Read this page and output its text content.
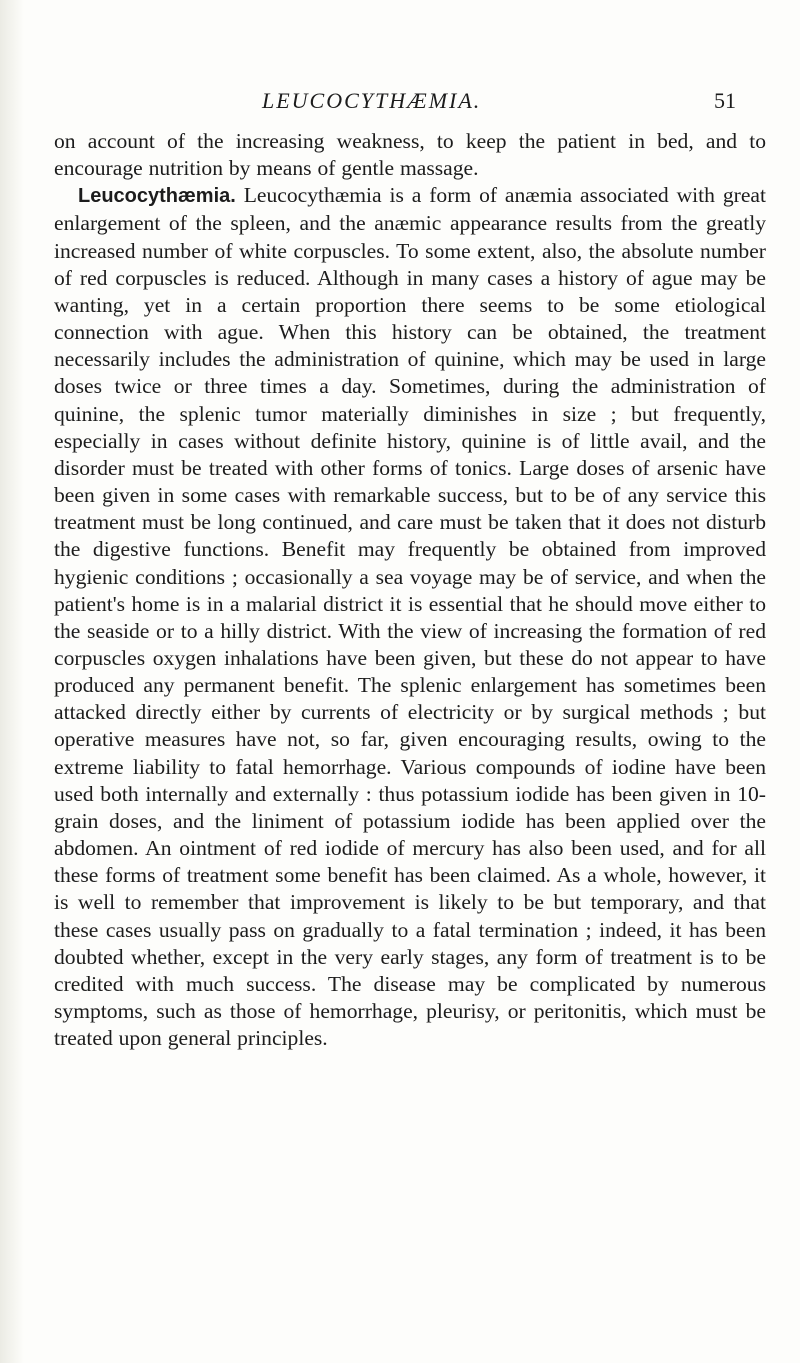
LEUCOCYTHÆMIA.	51

on account of the increasing weakness, to keep the patient in bed, and to encourage nutrition by means of gentle massage.

Leucocythæmia. Leucocythæmia is a form of anæmia associated with great enlargement of the spleen, and the anæmic appearance results from the greatly increased number of white corpuscles. To some extent, also, the absolute number of red corpuscles is reduced. Although in many cases a history of ague may be wanting, yet in a certain proportion there seems to be some etiological connection with ague. When this history can be obtained, the treatment necessarily includes the administration of quinine, which may be used in large doses twice or three times a day. Sometimes, during the administration of quinine, the splenic tumor materially diminishes in size ; but frequently, especially in cases without definite history, quinine is of little avail, and the disorder must be treated with other forms of tonics. Large doses of arsenic have been given in some cases with remarkable success, but to be of any service this treatment must be long continued, and care must be taken that it does not disturb the digestive functions. Benefit may frequently be obtained from improved hygienic conditions ; occasionally a sea voyage may be of service, and when the patient's home is in a malarial district it is essential that he should move either to the seaside or to a hilly district. With the view of increasing the formation of red corpuscles oxygen inhalations have been given, but these do not appear to have produced any permanent benefit. The splenic enlargement has sometimes been attacked directly either by currents of electricity or by surgical methods ; but operative measures have not, so far, given encouraging results, owing to the extreme liability to fatal hemorrhage. Various compounds of iodine have been used both internally and externally : thus potassium iodide has been given in 10-grain doses, and the liniment of potassium iodide has been applied over the abdomen. An ointment of red iodide of mercury has also been used, and for all these forms of treatment some benefit has been claimed. As a whole, however, it is well to remember that improvement is likely to be but temporary, and that these cases usually pass on gradually to a fatal termination ; indeed, it has been doubted whether, except in the very early stages, any form of treatment is to be credited with much success. The disease may be complicated by numerous symptoms, such as those of hemorrhage, pleurisy, or peritonitis, which must be treated upon general principles.
